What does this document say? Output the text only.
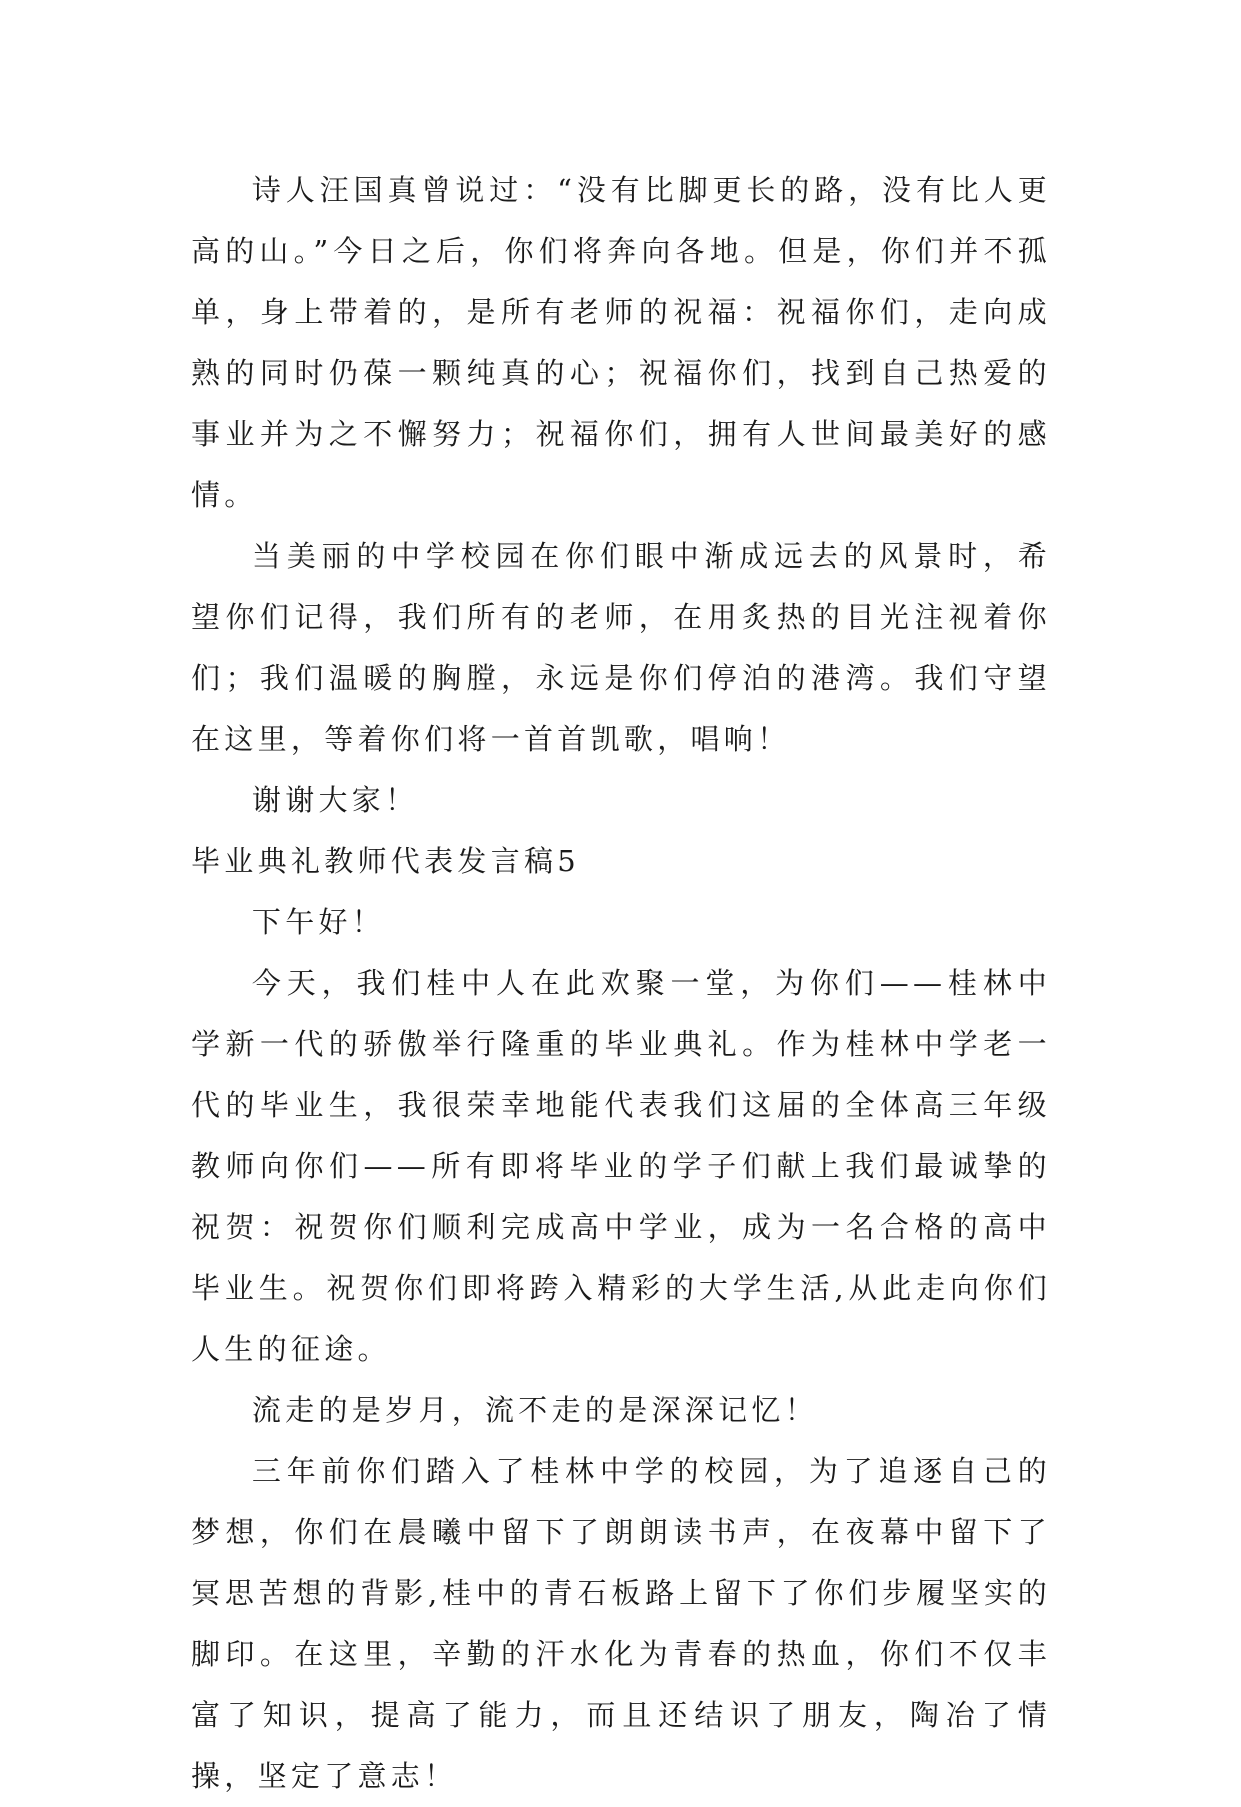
诗人汪国真曾说过：“没有比脚更长的路，没有比人更高的山。”今日之后，你们将奔向各地。但是，你们并不孤单，身上带着的，是所有老师的祝福：祝福你们，走向成熟的同时仍葆一颗纯真的心；祝福你们，找到自己热爱的事业并为之不懈努力；祝福你们，拥有人世间最美好的感情。

当美丽的中学校园在你们眼中渐成远去的风景时，希望你们记得，我们所有的老师，在用炙热的目光注视着你们；我们温暖的胸膛，永远是你们停泊的港湾。我们守望在这里，等着你们将一首首凯歌，唱响！

谢谢大家！

毕业典礼教师代表发言稿5

下午好！

今天，我们桂中人在此欢聚一堂，为你们——桂林中学新一代的骄傲举行隆重的毕业典礼。作为桂林中学老一代的毕业生，我很荣幸地能代表我们这届的全体高三年级教师向你们——所有即将毕业的学子们献上我们最诚挚的祝贺：祝贺你们顺利完成高中学业，成为一名合格的高中毕业生。祝贺你们即将跨入精彩的大学生活,从此走向你们人生的征途。

流走的是岁月，流不走的是深深记忆！

三年前你们踏入了桂林中学的校园，为了追逐自己的梦想，你们在晨曦中留下了朗朗读书声，在夜幕中留下了冥思苦想的背影,桂中的青石板路上留下了你们步履坚实的脚印。在这里，辛勤的汗水化为青春的热血，你们不仅丰富了知识，提高了能力，而且还结识了朋友，陶冶了情操，坚定了意志！
